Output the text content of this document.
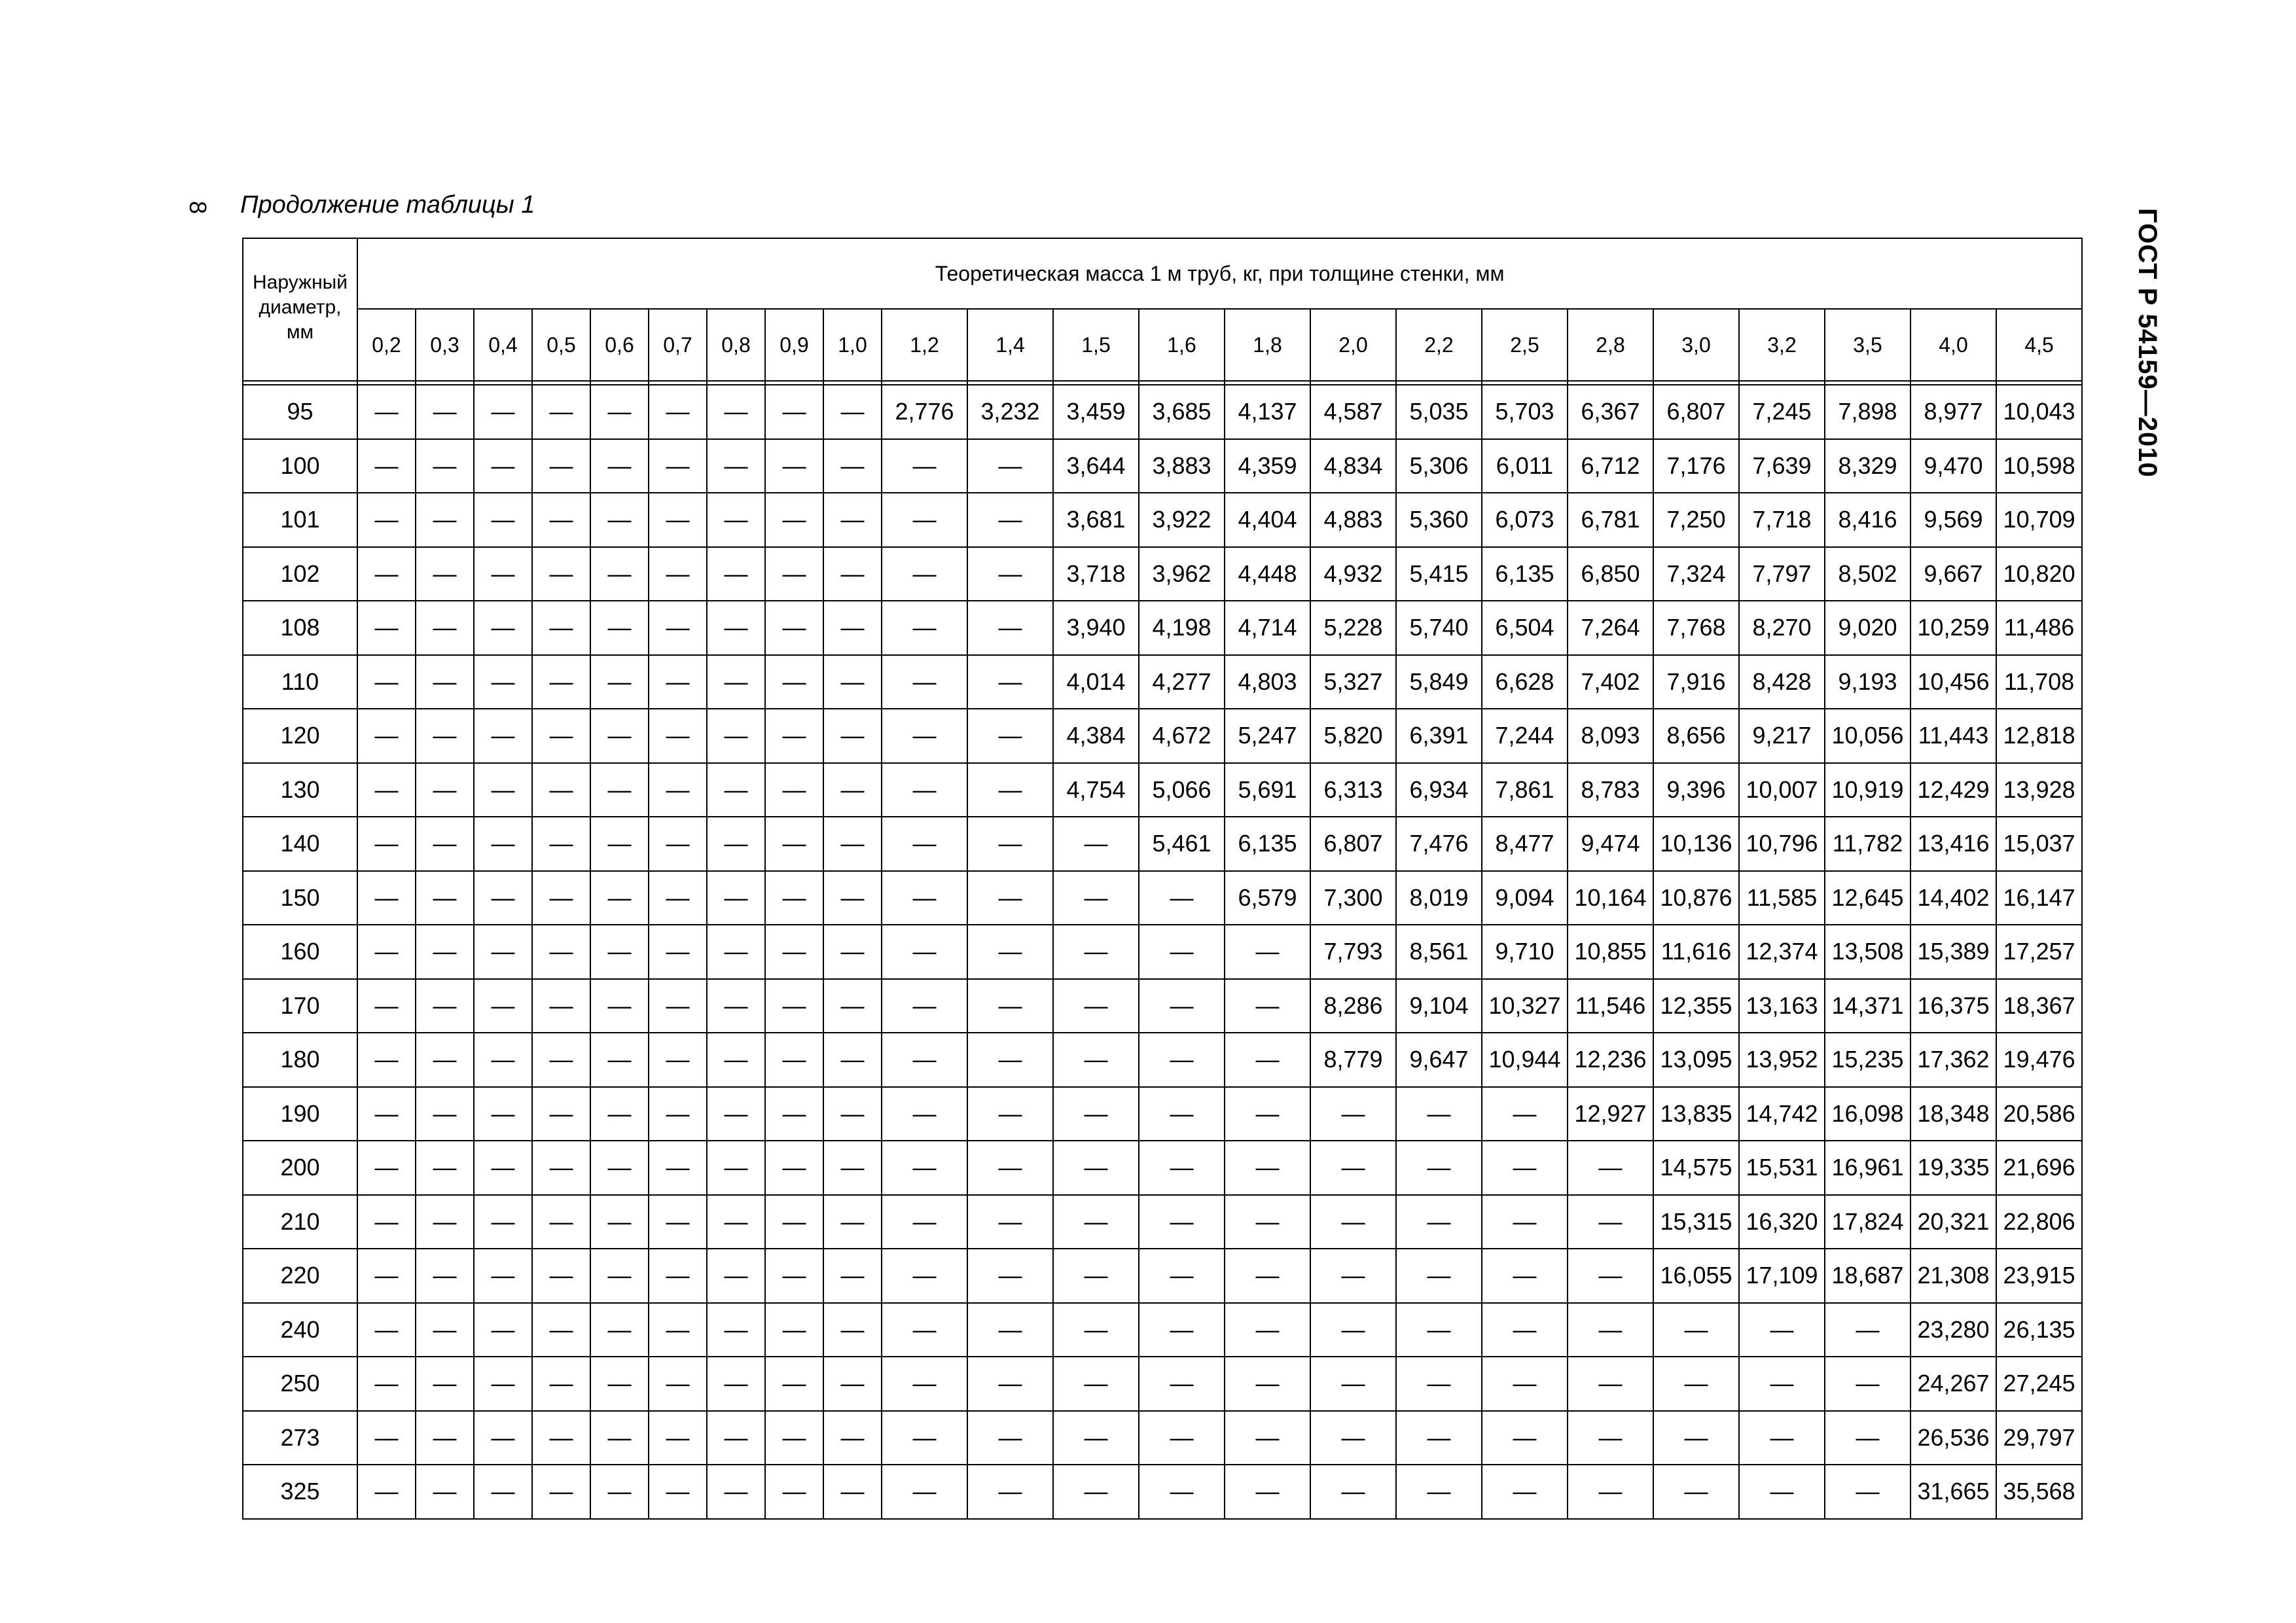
8
ГОСТ Р 54159—2010
Продолжение таблицы 1
Наружный диаметр, мм	Теоретическая масса 1 м труб, кг, при толщине стенки, мм																						
	0,2	0,3	0,4	0,5	0,6	0,7	0,8	0,9	1,0	1,2	1,4	1,5	1,6	1,8	2,0	2,2	2,5	2,8	3,0	3,2	3,5	4,0	4,5

95	—	—	—	—	—	—	—	—	—	2,776	3,232	3,459	3,685	4,137	4,587	5,035	5,703	6,367	6,807	7,245	7,898	8,977	10,043
100	—	—	—	—	—	—	—	—	—	—	—	3,644	3,883	4,359	4,834	5,306	6,011	6,712	7,176	7,639	8,329	9,470	10,598
101	—	—	—	—	—	—	—	—	—	—	—	3,681	3,922	4,404	4,883	5,360	6,073	6,781	7,250	7,718	8,416	9,569	10,709
102	—	—	—	—	—	—	—	—	—	—	—	3,718	3,962	4,448	4,932	5,415	6,135	6,850	7,324	7,797	8,502	9,667	10,820
108	—	—	—	—	—	—	—	—	—	—	—	3,940	4,198	4,714	5,228	5,740	6,504	7,264	7,768	8,270	9,020	10,259	11,486
110	—	—	—	—	—	—	—	—	—	—	—	4,014	4,277	4,803	5,327	5,849	6,628	7,402	7,916	8,428	9,193	10,456	11,708
120	—	—	—	—	—	—	—	—	—	—	—	4,384	4,672	5,247	5,820	6,391	7,244	8,093	8,656	9,217	10,056	11,443	12,818
130	—	—	—	—	—	—	—	—	—	—	—	4,754	5,066	5,691	6,313	6,934	7,861	8,783	9,396	10,007	10,919	12,429	13,928
140	—	—	—	—	—	—	—	—	—	—	—	—	5,461	6,135	6,807	7,476	8,477	9,474	10,136	10,796	11,782	13,416	15,037
150	—	—	—	—	—	—	—	—	—	—	—	—	—	6,579	7,300	8,019	9,094	10,164	10,876	11,585	12,645	14,402	16,147
160	—	—	—	—	—	—	—	—	—	—	—	—	—	—	7,793	8,561	9,710	10,855	11,616	12,374	13,508	15,389	17,257
170	—	—	—	—	—	—	—	—	—	—	—	—	—	—	8,286	9,104	10,327	11,546	12,355	13,163	14,371	16,375	18,367
180	—	—	—	—	—	—	—	—	—	—	—	—	—	—	8,779	9,647	10,944	12,236	13,095	13,952	15,235	17,362	19,476
190	—	—	—	—	—	—	—	—	—	—	—	—	—	—	—	—	—	12,927	13,835	14,742	16,098	18,348	20,586
200	—	—	—	—	—	—	—	—	—	—	—	—	—	—	—	—	—	—	14,575	15,531	16,961	19,335	21,696
210	—	—	—	—	—	—	—	—	—	—	—	—	—	—	—	—	—	—	15,315	16,320	17,824	20,321	22,806
220	—	—	—	—	—	—	—	—	—	—	—	—	—	—	—	—	—	—	16,055	17,109	18,687	21,308	23,915
240	—	—	—	—	—	—	—	—	—	—	—	—	—	—	—	—	—	—	—	—	—	23,280	26,135
250	—	—	—	—	—	—	—	—	—	—	—	—	—	—	—	—	—	—	—	—	—	24,267	27,245
273	—	—	—	—	—	—	—	—	—	—	—	—	—	—	—	—	—	—	—	—	—	26,536	29,797
325	—	—	—	—	—	—	—	—	—	—	—	—	—	—	—	—	—	—	—	—	—	31,665	35,568
